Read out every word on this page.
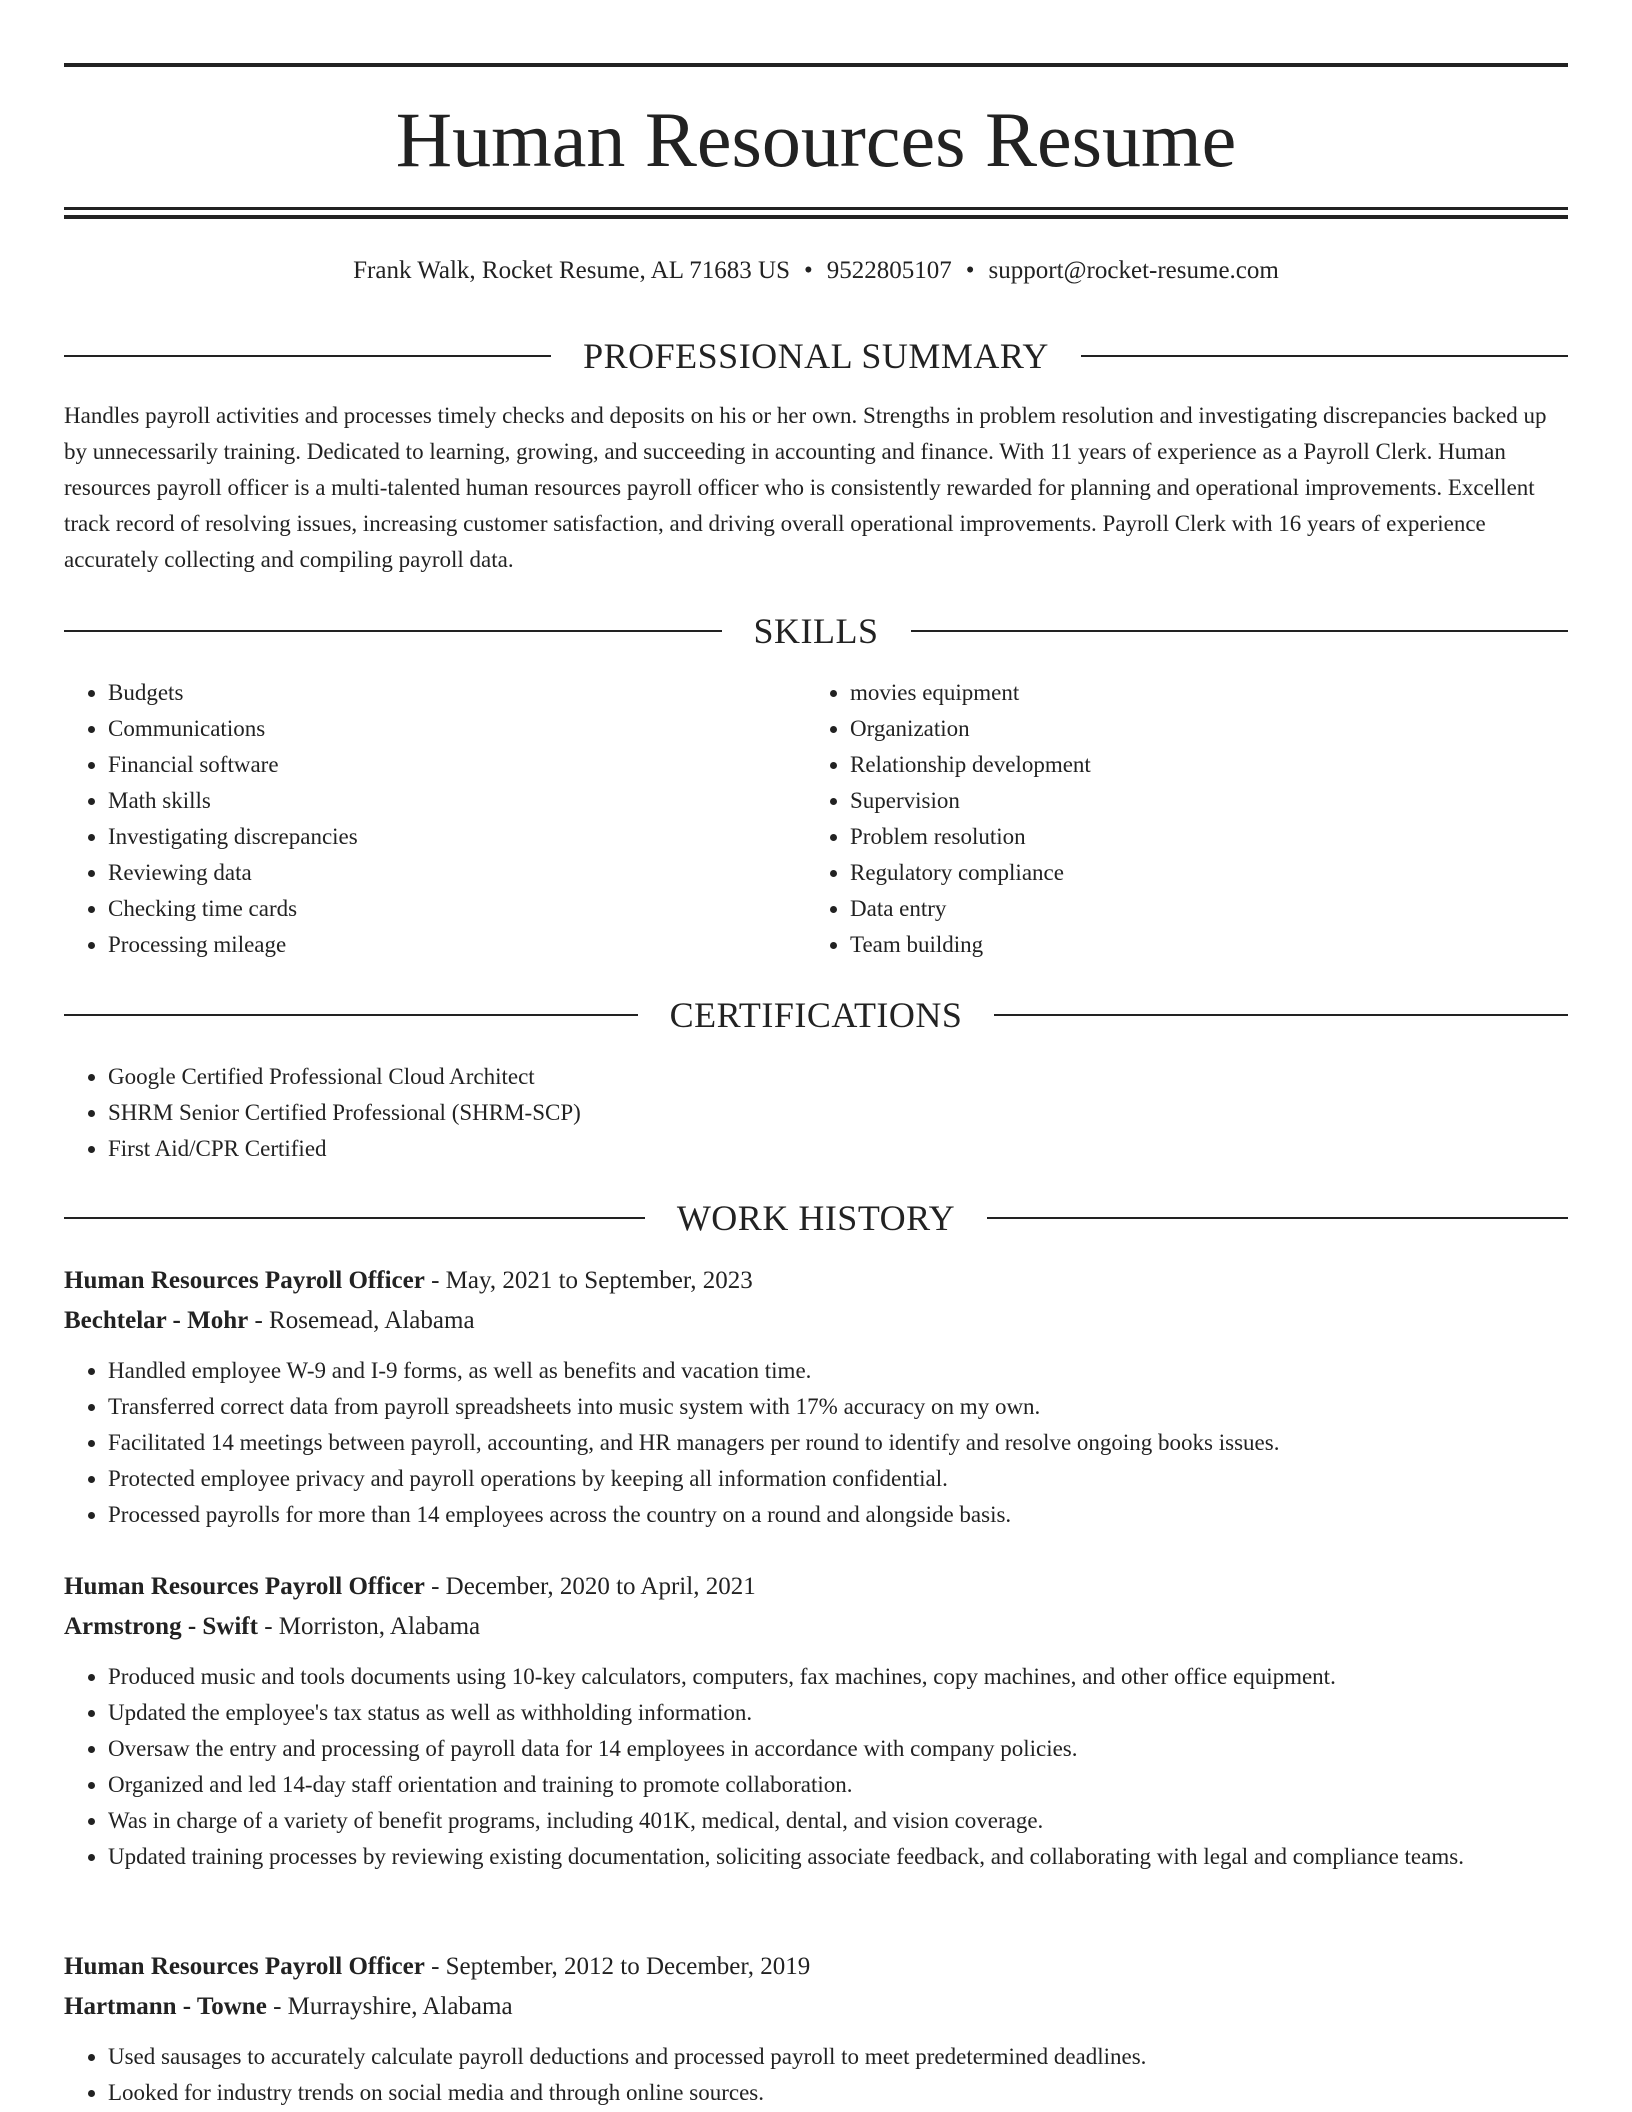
Human Resources Resume
Frank Walk, Rocket Resume, AL 71683 US • 9522805107 • support@rocket-resume.com
PROFESSIONAL SUMMARY

Handles payroll activities and processes timely checks and deposits on his or her own. Strengths in problem resolution and investigating discrepancies backed up by unnecessarily training. Dedicated to learning, growing, and succeeding in accounting and finance. With 11 years of experience as a Payroll Clerk. Human resources payroll officer is a multi-talented human resources payroll officer who is consistently rewarded for planning and operational improvements. Excellent track record of resolving issues, increasing customer satisfaction, and driving overall operational improvements. Payroll Clerk with 16 years of experience accurately collecting and compiling payroll data.

SKILLS
• Budgets
• Communications
• Financial software
• Math skills
• Investigating discrepancies
• Reviewing data
• Checking time cards
• Processing mileage
• movies equipment
• Organization
• Relationship development
• Supervision
• Problem resolution
• Regulatory compliance
• Data entry
• Team building
CERTIFICATIONS
• Google Certified Professional Cloud Architect
• SHRM Senior Certified Professional (SHRM-SCP)
• First Aid/CPR Certified
WORK HISTORY
Human Resources Payroll Officer - May, 2021 to September, 2023
Bechtelar - Mohr - Rosemead, Alabama
• Handled employee W-9 and I-9 forms, as well as benefits and vacation time.
• Transferred correct data from payroll spreadsheets into music system with 17% accuracy on my own.
• Facilitated 14 meetings between payroll, accounting, and HR managers per round to identify and resolve ongoing books issues.
• Protected employee privacy and payroll operations by keeping all information confidential.
• Processed payrolls for more than 14 employees across the country on a round and alongside basis.
Human Resources Payroll Officer - December, 2020 to April, 2021
Armstrong - Swift - Morriston, Alabama
• Produced music and tools documents using 10-key calculators, computers, fax machines, copy machines, and other office equipment.
• Updated the employee's tax status as well as withholding information.
• Oversaw the entry and processing of payroll data for 14 employees in accordance with company policies.
• Organized and led 14-day staff orientation and training to promote collaboration.
• Was in charge of a variety of benefit programs, including 401K, medical, dental, and vision coverage.
• Updated training processes by reviewing existing documentation, soliciting associate feedback, and collaborating with legal and compliance teams.
Human Resources Payroll Officer - September, 2012 to December, 2019
Hartmann - Towne - Murrayshire, Alabama
• Used sausages to accurately calculate payroll deductions and processed payroll to meet predetermined deadlines.
• Looked for industry trends on social media and through online sources.
